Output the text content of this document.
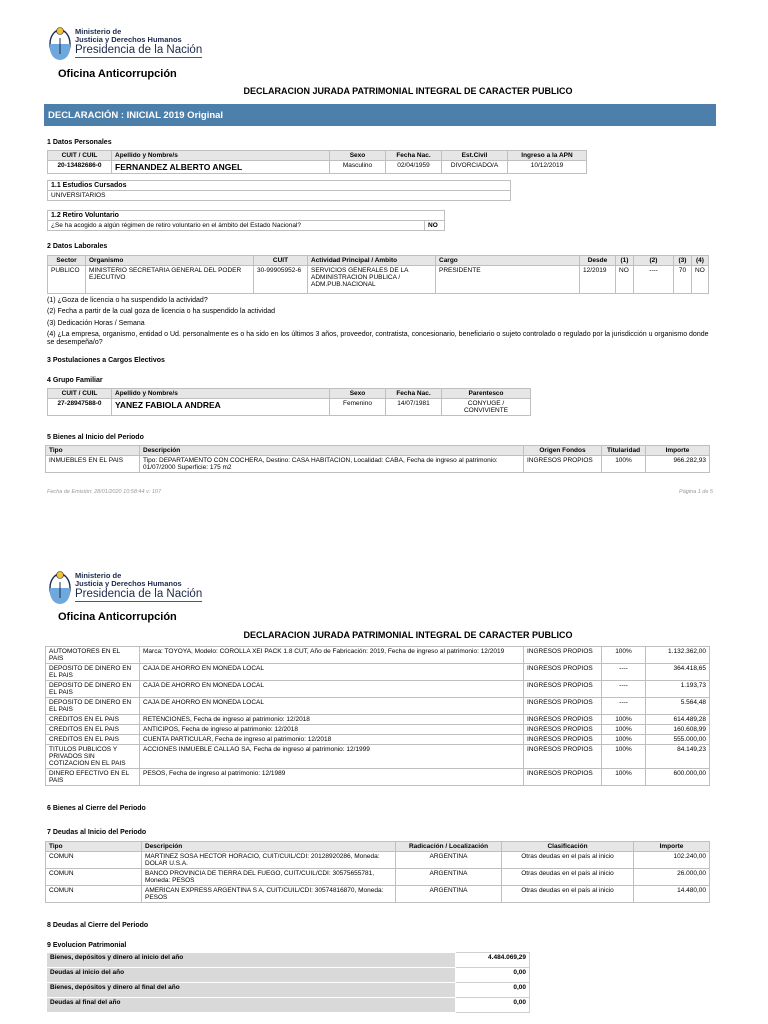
Ministerio de
Justicia y Derechos Humanos
Presidencia de la Nación
Oficina Anticorrupción
DECLARACION JURADA PATRIMONIAL INTEGRAL DE CARACTER PUBLICO
DECLARACIÓN : INICIAL 2019 Original
1 Datos Personales
CUIT / CUIL	Apellido y Nombre/s	Sexo	Fecha Nac.	Est.Civil	Ingreso a la APN
20-13482686-0	FERNANDEZ ALBERTO ANGEL	Masculino	02/04/1959	DIVORCIADO/A	10/12/2019
1.1 Estudios Cursados
UNIVERSITARIOS
1.2 Retiro Voluntario
¿Se ha acogido a algún régimen de retiro voluntario en el ámbito del Estado Nacional?	NO
2 Datos Laborales
Sector	Organismo	CUIT	Actividad Principal / Ambito	Cargo	Desde	(1)	(2)	(3)	(4)
PUBLICO	MINISTERIO SECRETARIA GENERAL DEL PODER EJECUTIVO	30-99905952-6	SERVICIOS GENERALES DE LA ADMINISTRACION PUBLICA / ADM.PUB.NACIONAL	PRESIDENTE	12/2019	NO	----	70	NO
(1) ¿Goza de licencia o ha suspendido la actividad?
(2) Fecha a partir de la cual goza de licencia o ha suspendido la actividad
(3) Dedicación Horas / Semana
(4) ¿La empresa, organismo, entidad o Ud. personalmente es o ha sido en los últimos 3 años, proveedor, contratista, concesionario, beneficiario o sujeto controlado o regulado por la jurisdicción u organismo donde se desempeña/o?
3 Postulaciones a Cargos Electivos
4 Grupo Familiar
CUIT / CUIL	Apellido y Nombre/s	Sexo	Fecha Nac.	Parentesco
27-28947588-0	YANEZ FABIOLA ANDREA	Femenino	14/07/1981	CONYUGE / CONVIVIENTE
5 Bienes al Inicio del Periodo
Tipo	Descripción	Origen Fondos	Titularidad	Importe
INMUEBLES EN EL PAIS	Tipo: DEPARTAMENTO CON COCHERA, Destino: CASA HABITACION, Localidad: CABA, Fecha de ingreso al patrimonio: 01/07/2000 Superficie: 175 m2	INGRESOS PROPIOS	100%	966.282,93
Fecha de Emisión: 28/01/2020 10:58:44 v: 107	Página 1 de 5
Ministerio de
Justicia y Derechos Humanos
Presidencia de la Nación
Oficina Anticorrupción
DECLARACION JURADA PATRIMONIAL INTEGRAL DE CARACTER PUBLICO
AUTOMOTORES EN EL PAIS	Marca: TOYOYA, Modelo: COROLLA XEI PACK 1.8 CUT, Año de Fabricación: 2019, Fecha de ingreso al patrimonio: 12/2019	INGRESOS PROPIOS	100%	1.132.362,00
DEPOSITO DE DINERO EN EL PAIS	CAJA DE AHORRO EN MONEDA LOCAL	INGRESOS PROPIOS	----	364.418,65
DEPOSITO DE DINERO EN EL PAIS	CAJA DE AHORRO EN MONEDA LOCAL	INGRESOS PROPIOS	----	1.193,73
DEPOSITO DE DINERO EN EL PAIS	CAJA DE AHORRO EN MONEDA LOCAL	INGRESOS PROPIOS	----	5.564,48
CREDITOS EN EL PAIS	RETENCIONES, Fecha de ingreso al patrimonio: 12/2018	INGRESOS PROPIOS	100%	614.489,28
CREDITOS EN EL PAIS	ANTICIPOS, Fecha de ingreso al patrimonio: 12/2018	INGRESOS PROPIOS	100%	160.608,99
CREDITOS EN EL PAIS	CUENTA PARTICULAR, Fecha de ingreso al patrimonio: 12/2018	INGRESOS PROPIOS	100%	555.000,00
TITULOS PUBLICOS Y PRIVADOS SIN COTIZACION EN EL PAIS	ACCIONES INMUEBLE CALLAO SA, Fecha de ingreso al patrimonio: 12/1999	INGRESOS PROPIOS	100%	84.149,23
DINERO EFECTIVO EN EL PAIS	PESOS, Fecha de ingreso al patrimonio: 12/1989	INGRESOS PROPIOS	100%	600.000,00
6 Bienes al Cierre del Periodo
7 Deudas al Inicio del Periodo
Tipo	Descripción	Radicación / Localización	Clasificación	Importe
COMUN	MARTINEZ SOSA HECTOR HORACIO, CUIT/CUIL/CDI: 20128920286, Moneda: DOLAR U.S.A.	ARGENTINA	Otras deudas en el país al inicio	102.240,00
COMUN	BANCO PROVINCIA DE TIERRA DEL FUEGO, CUIT/CUIL/CDI: 30575655781, Moneda: PESOS	ARGENTINA	Otras deudas en el país al inicio	26.000,00
COMUN	AMERICAN EXPRESS ARGENTINA S A, CUIT/CUIL/CDI: 30574816870, Moneda: PESOS	ARGENTINA	Otras deudas en el país al inicio	14.480,00
8 Deudas al Cierre del Periodo
9 Evolucion Patrimonial
Bienes, depósitos y dinero al inicio del año	4.484.069,29
Deudas al inicio del año	0,00
Bienes, depósitos y dinero al final del año	0,00
Deudas al final del año	0,00
